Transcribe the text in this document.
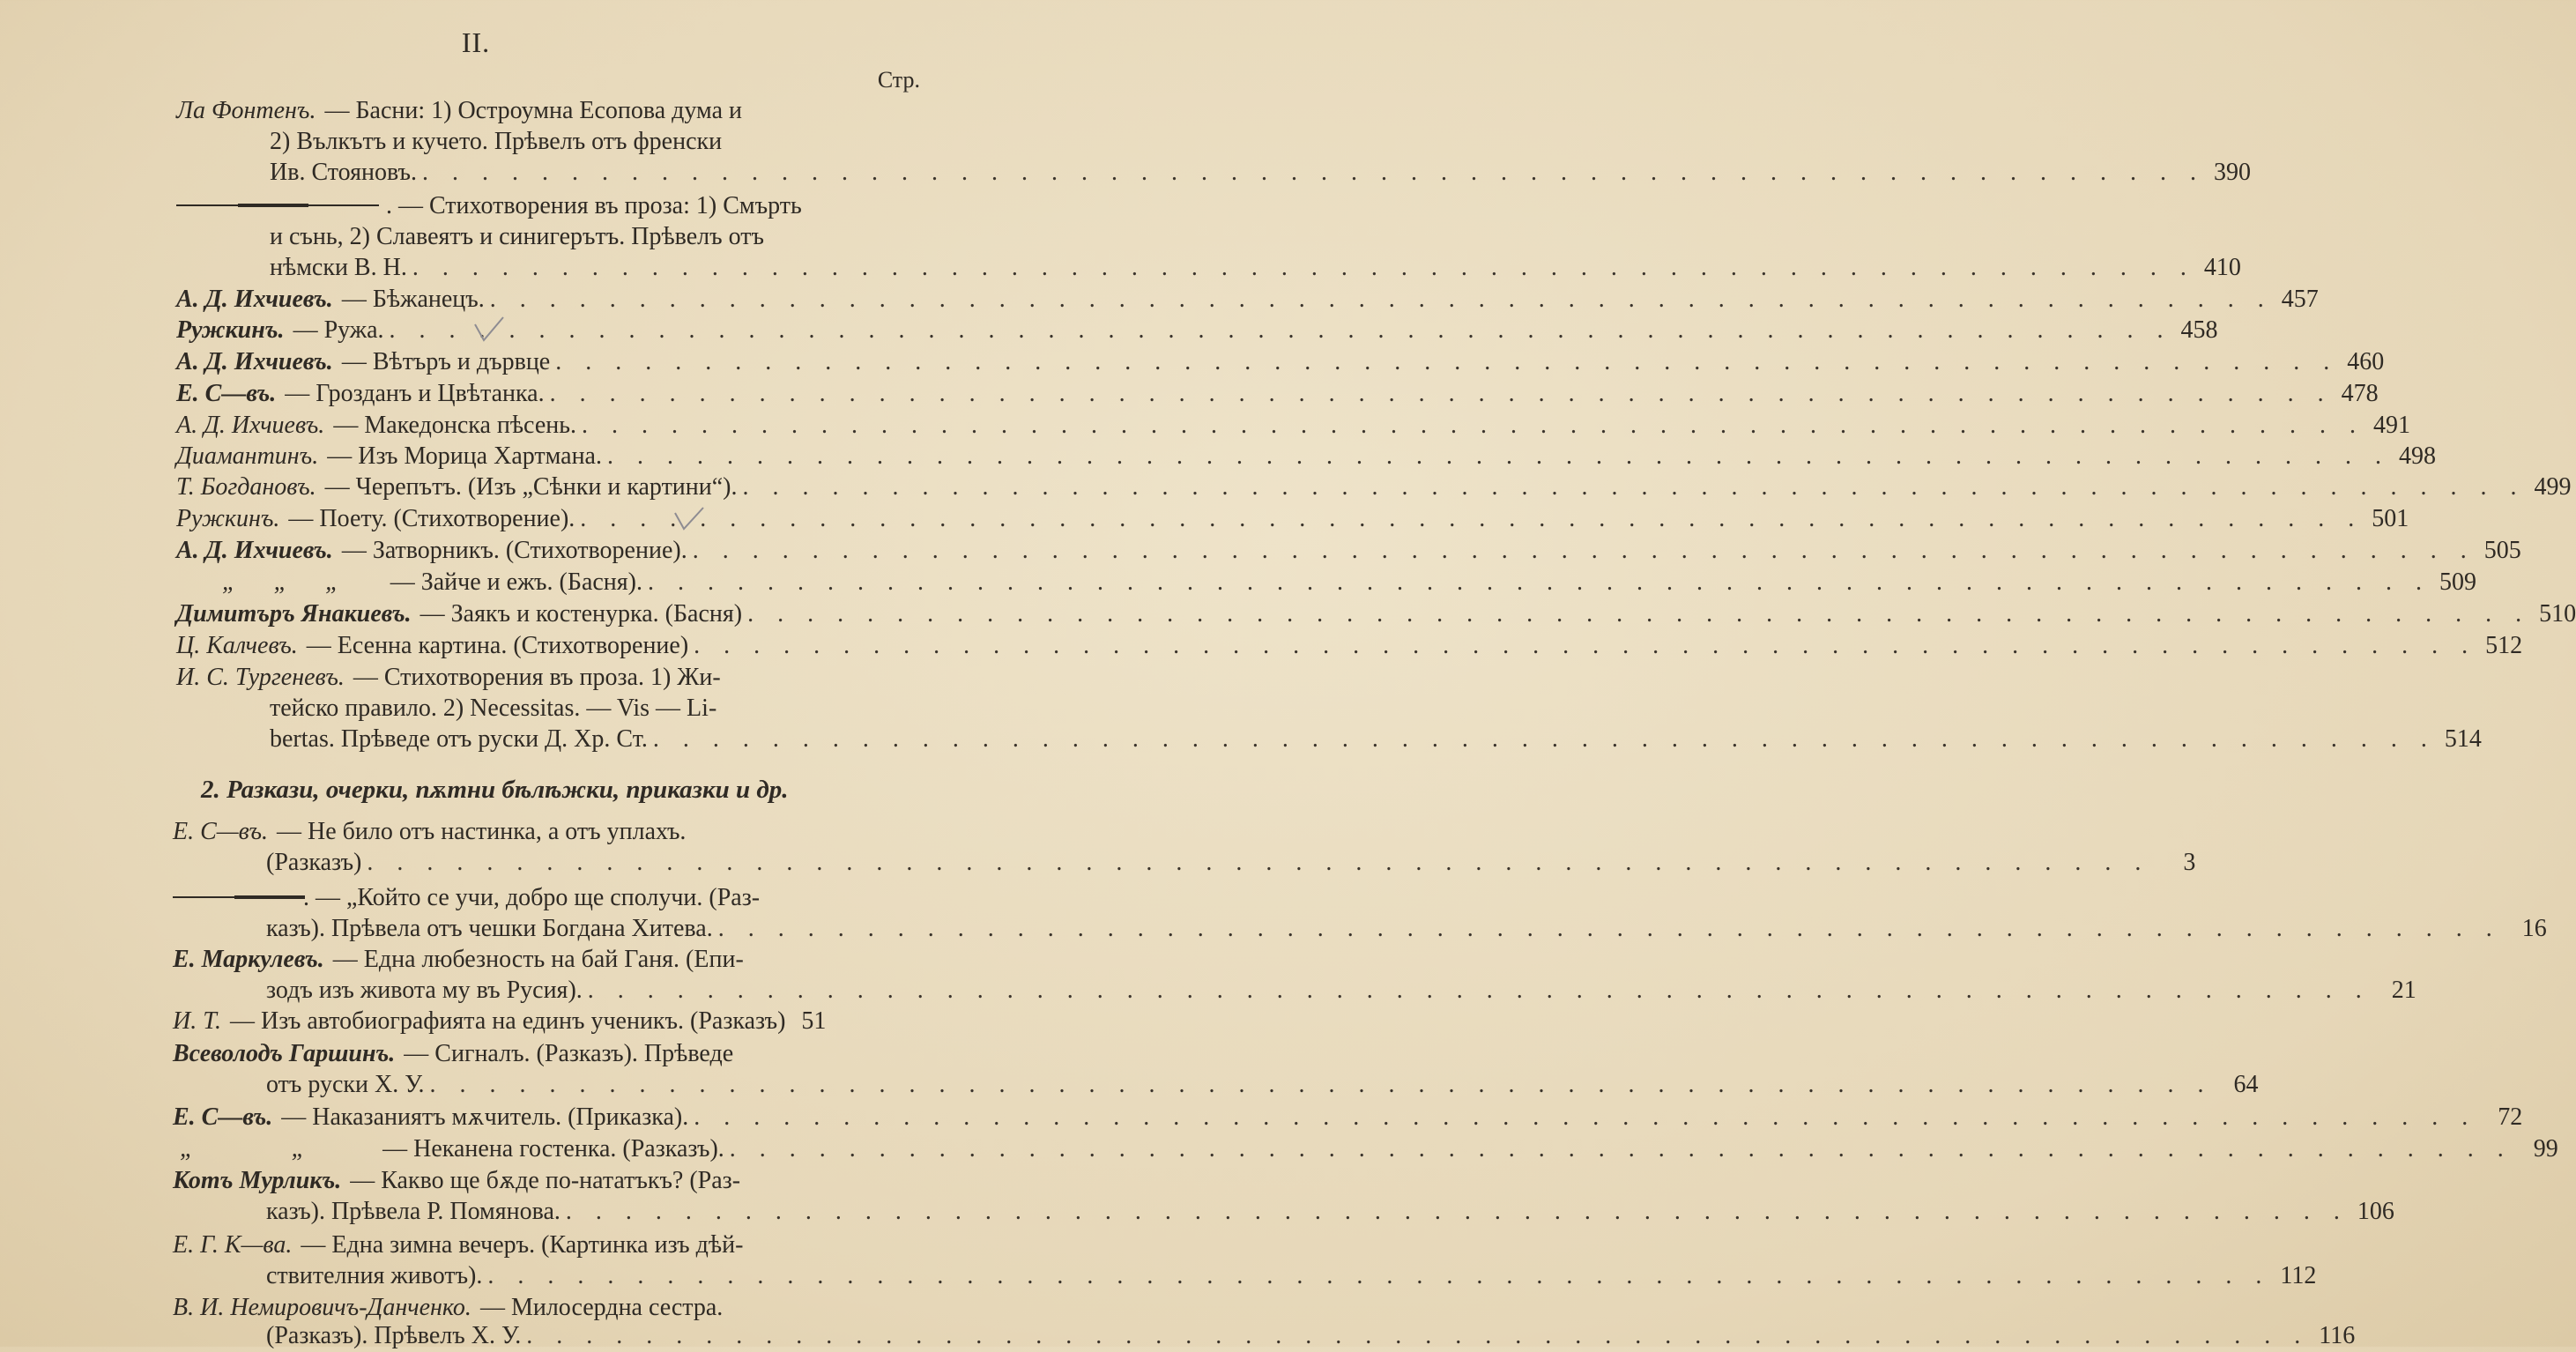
II.
Стр.
Ла Фонтенъ. — Басни: 1) Остроумна Есопова дума и
2) Вълкътъ и кучето. Прѣвелъ отъ френски
Ив. Стояновъ. . . .	390
. — Стихотворения въ проза: 1) Смърть
и сънь, 2) Славеятъ и синигерътъ. Прѣвелъ отъ
нѣмски В. Н. . . .	410
А. Д. Ихчиевъ. — Бѣжанецъ. . . .	457
Ружкинъ. — Ружа. . . .	458
А. Д. Ихчиевъ. — Вѣтъръ и дървце . . .	460
Е. С—въ. — Грозданъ и Цвѣтанка. . . .	478
А. Д. Ихчиевъ. — Македонска пѣсень. . . .	491
Диамантинъ. — Изъ Морица Хартмана. . . .	498
Т. Богдановъ. — Черепътъ. (Изъ „Сѣнки и картини“). . . .	499
Ружкинъ. — Поету. (Стихотворение). . . .	501
А. Д. Ихчиевъ. — Затворникъ. (Стихотворение). . . .	505
„ „ „ — Зайче и ежъ. (Басня). . . .	509
Димитъръ Янакиевъ. — Заякъ и костенурка. (Басня) . . .	510
Ц. Калчевъ. — Есенна картина. (Стихотворение) . . .	512
И. С. Тургеневъ. — Стихотворения въ проза. 1) Жи-
тейско правило. 2) Necessitas. — Vis — Li-
bertas. Прѣведе отъ руски Д. Хр. Ст. . . .	514
2. Разкази, очерки, пѫтни бѣлѣжки, приказки и др.
Е. С—въ. — Не било отъ настинка, а отъ уплахъ.
(Разказъ) . . .	3
. — „Който се учи, добро ще сполучи. (Раз-
казъ). Прѣвела отъ чешки Богдана Хитева. . . .	16
Е. Маркулевъ. — Една любезность на бай Ганя. (Епи-
зодъ изъ живота му въ Русия). . . .	21
И. Т. — Изъ автобиографията на единъ ученикъ. (Разказъ) 51
Всеволодъ Гаршинъ. — Сигналъ. (Разказъ). Прѣведе
отъ руски Х. У. . . .	64
Е. С—въ. — Наказаниятъ мѫчитель. (Приказка). . . .	72
„ „ — Неканена гостенка. (Разказъ). . . .	99
Котъ Мурликъ. — Какво ще бѫде по-нататъкъ? (Раз-
казъ). Прѣвела Р. Помянова. . . .	106
Е. Г. К—ва. — Една зимна вечеръ. (Картинка изъ дѣй-
ствителния животъ). . . .	112
В. И. Немировичъ-Данченко. — Милосердна сестра.
(Разказъ). Прѣвелъ Х. У. . . .	116
